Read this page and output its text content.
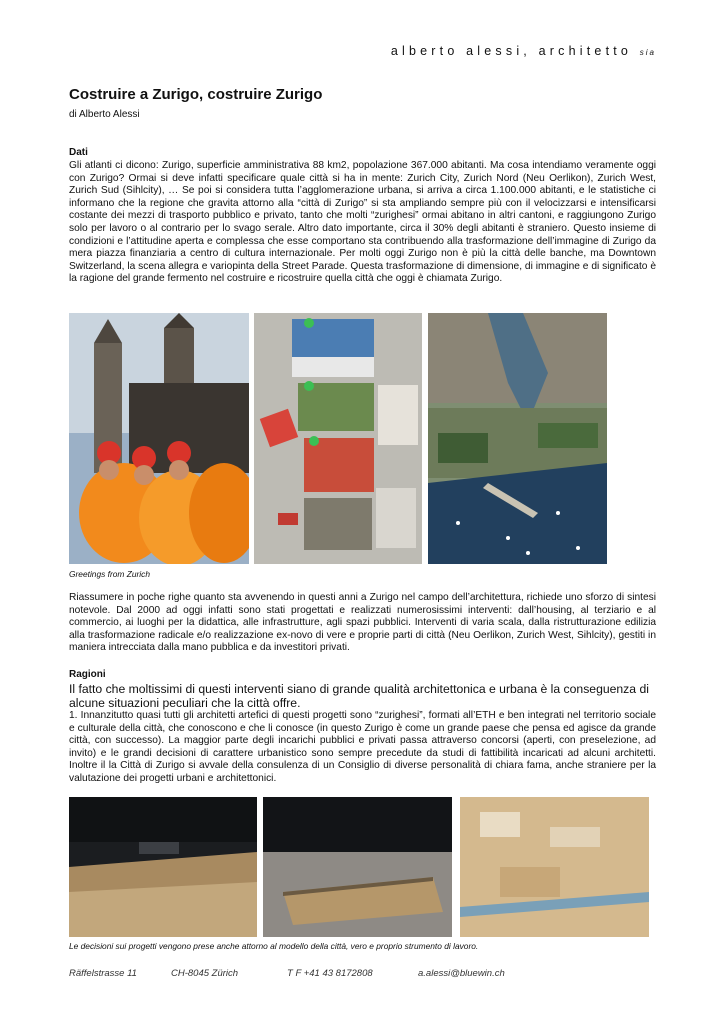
alberto alessi, architetto sia
Costruire a Zurigo, costruire Zurigo
di Alberto Alessi
Dati

Gli atlanti ci dicono: Zurigo, superficie amministrativa 88 km2, popolazione 367.000 abitanti. Ma cosa intendiamo veramente oggi con Zurigo? Ormai si deve infatti specificare quale città si ha in mente: Zurich City, Zurich Nord (Neu Oerlikon), Zurich West, Zurich Sud (Sihlcity), … Se poi si considera tutta l’agglomerazione urbana, si arriva a circa 1.100.000 abitanti, e le statistiche ci informano che la regione che gravita attorno alla “città di Zurigo” si sta ampliando sempre più con il velocizzarsi e intensificarsi costante dei mezzi di trasporto pubblico e privato, tanto che molti “zurighesi” ormai abitano in altri cantoni, e raggiungono Zurigo solo per lavoro o al contrario per lo svago serale. Altro dato importante, circa il 30% degli abitanti è straniero. Questo insieme di condizioni e l’attitudine aperta e complessa che esse comportano sta contribuendo alla trasformazione dell’immagine di Zurigo da mera piazza finanziaria a centro di cultura internazionale. Per molti oggi Zurigo non è più la città delle banche, ma Downtown Switzerland, la scena allegra e variopinta della Street Parade. Questa trasformazione di dimensione, di immagine e di significato è la ragione del grande fermento nel costruire e ricostruire quella città che oggi è chiamata Zurigo.

Greetings from Zurich

Riassumere in poche righe quanto sta avvenendo in questi anni a Zurigo nel campo dell’architettura, richiede uno sforzo di sintesi notevole. Dal 2000 ad oggi infatti sono stati progettati e realizzati numerosissimi interventi: dall’housing, al terziario e al commercio, ai luoghi per la didattica, alle infrastrutture, agli spazi pubblici. Interventi di varia scala, dalla ristrutturazione edilizia alla trasformazione radicale e/o realizzazione ex-novo di vere e proprie parti di città (Neu Oerlikon, Zurich West, Sihlcity), gestiti in maniera intrecciata dalla mano pubblica e da investitori privati.

Ragioni

Il fatto che moltissimi di questi interventi siano di grande qualità architettonica e urbana è la conseguenza di alcune situazioni peculiari che la città offre.

1. Innanzitutto quasi tutti gli architetti artefici di questi progetti sono “zurighesi”, formati all’ETH e ben integrati nel territorio sociale e culturale della città, che conoscono e che li conosce (in questo Zurigo è come un grande paese che pensa ed agisce da grande città, con successo). La maggior parte degli incarichi pubblici e privati passa attraverso concorsi (aperti, con preselezione, ad invito) e le grandi decisioni di carattere urbanistico sono sempre precedute da studi di fattibilità incaricati ad alcuni architetti. Inoltre il la Città di Zurigo si avvale della consulenza di un Consiglio di diverse personalità di chiara fama, anche straniere per la valutazione dei progetti urbani e architettonici.

Le decisioni sui progetti vengono prese anche attorno al modello della città, vero e proprio strumento di lavoro.
Räffelstrasse 11	CH-8045 Zürich	T F +41 43 8172808	a.alessi@bluewin.ch
